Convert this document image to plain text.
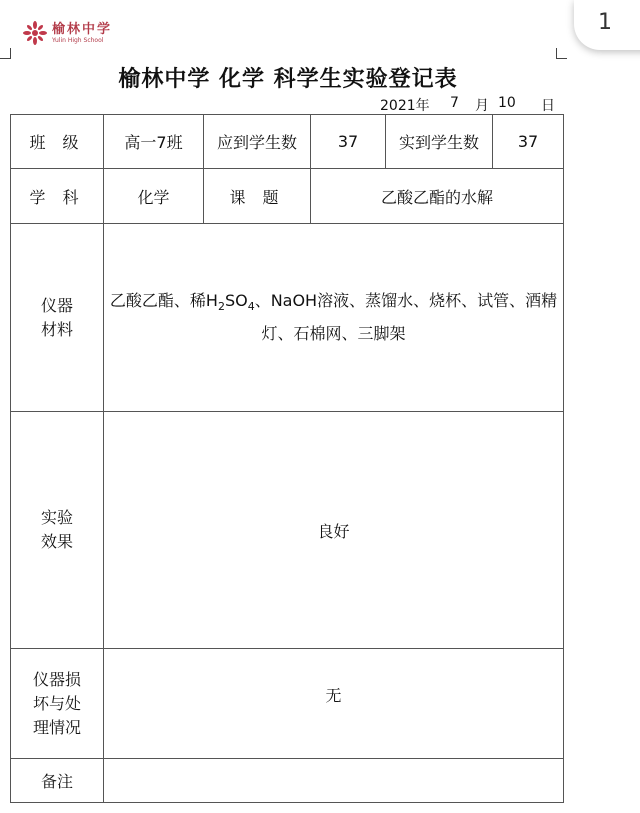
榆林中学
Yulin High School
1
榆林中学 化学 科学生实验登记表
2021年 7 月 10 日
班 级	高一7班	应到学生数	37	实到学生数	37
学 科	化学	课 题	乙酸乙酯的水解		

仪器
材料	乙酸乙酯、稀$H_2SO_4$、NaOH溶液、蒸馏水、烧杯、试管、酒精灯、石棉网、三脚架				

实验
效果	良好				

仪器损
坏与处
理情况	无				
备注					
